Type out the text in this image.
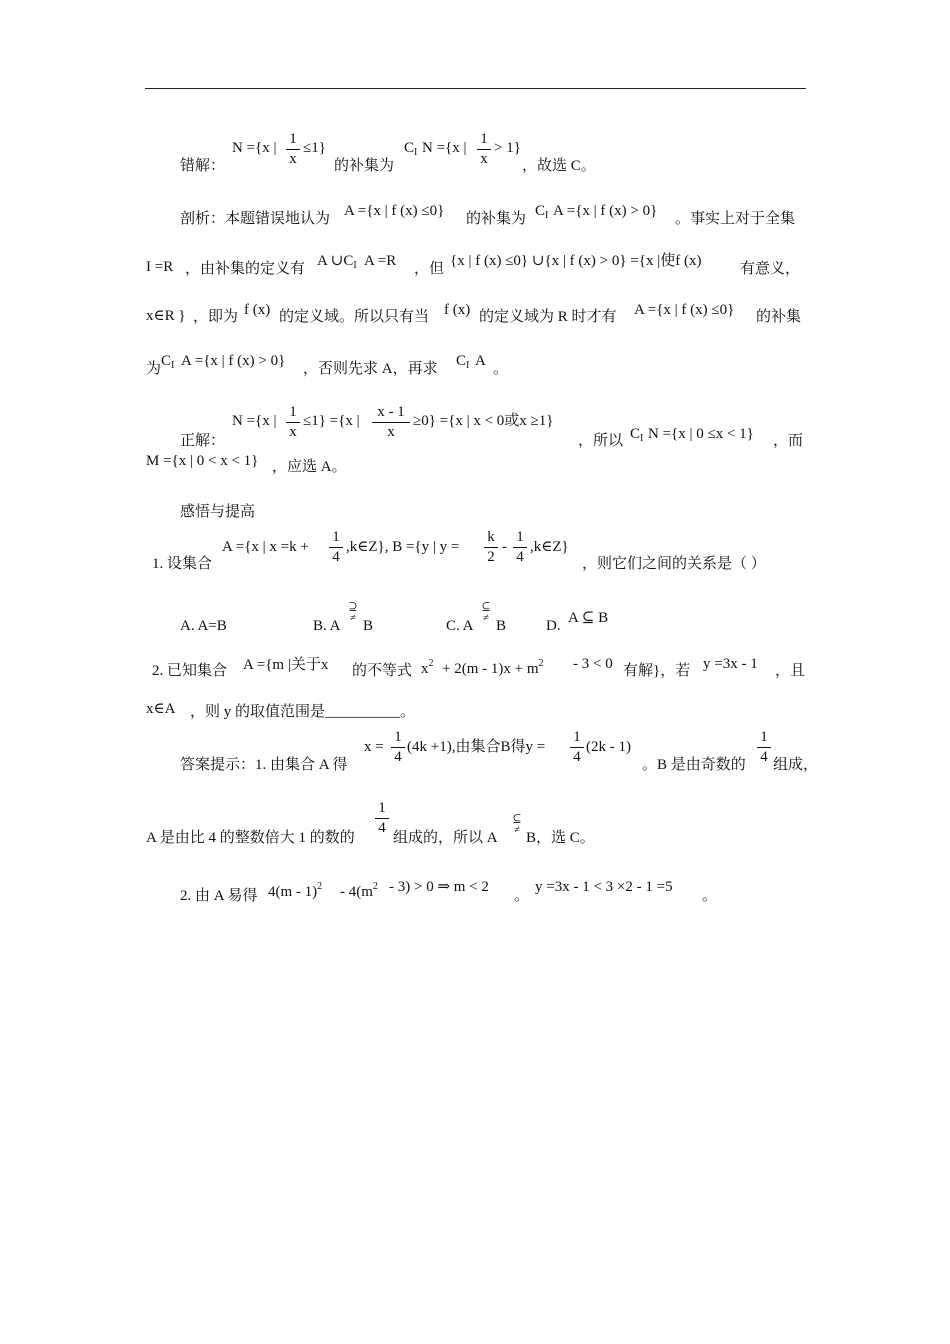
错解：
N ={x |
1
x
≤1}
的补集为
$C_I$ N ={x |
1
x
> 1}
，故选 C。
剖析：本题错误地认为 A ={x | f (x) ≤0} 的补集为 $C_I$ A ={x | f (x) > 0} 。事实上对于全集
I =R ，由补集的定义有 A $\cup C_I$ A =R ，但 {x | f (x) ≤0} ∪{x | f (x) > 0} ={x |使f (x)	有意义，
x∈R } ，即为 f (x) 的定义域。所以只有当 f (x) 的定义域为 R 时才有 A ={x | f (x) ≤0} 的补集
为 $C_I$ A ={x | f (x) > 0} ，否则先求 A，再求 $C_I$ A 。
正解：
N ={x |
1
x
≤1} ={x |
x - 1
x
≥0} ={x | x < 0或x ≥1}
，所以 $C_I$ N ={x | 0 ≤x < 1} ，而
M ={x | 0 < x < 1} ，应选 A。
感悟与提高
1. 设集合
A ={x | x =k +
1
4
,k∈Z}, B ={y | y =
k
2
-
1
4
,k∈Z}
，则它们之间的关系是（ ）
A. A=B	B. A
⊇
≠ B	C. A
⊆
≠ B	D. A ⊆ B
2. 已知集合 A ={m |关于x 的不等式 $x^2 + 2(m - 1)x + m^2 - 3 < 0$ 有解}，若 y =3x - 1 ，且
x∈A ，则 y 的取值范围是__________。
答案提示：1. 由集合 A 得
x =
1
4
(4k +1),由集合B得y =
1
4
(2k - 1)
。B 是由奇数的
1
4 组成，
A 是由比 4 的整数倍大 1 的数的
1
4
组成的，所以 A
⊆
≠ B，选 C。
2. 由 A 易得 $4(m - 1)^2 - 4(m^2 - 3) > 0$ ⇒ m < 2
。
y =3x - 1 < 3 ×2 - 1 =5
。
